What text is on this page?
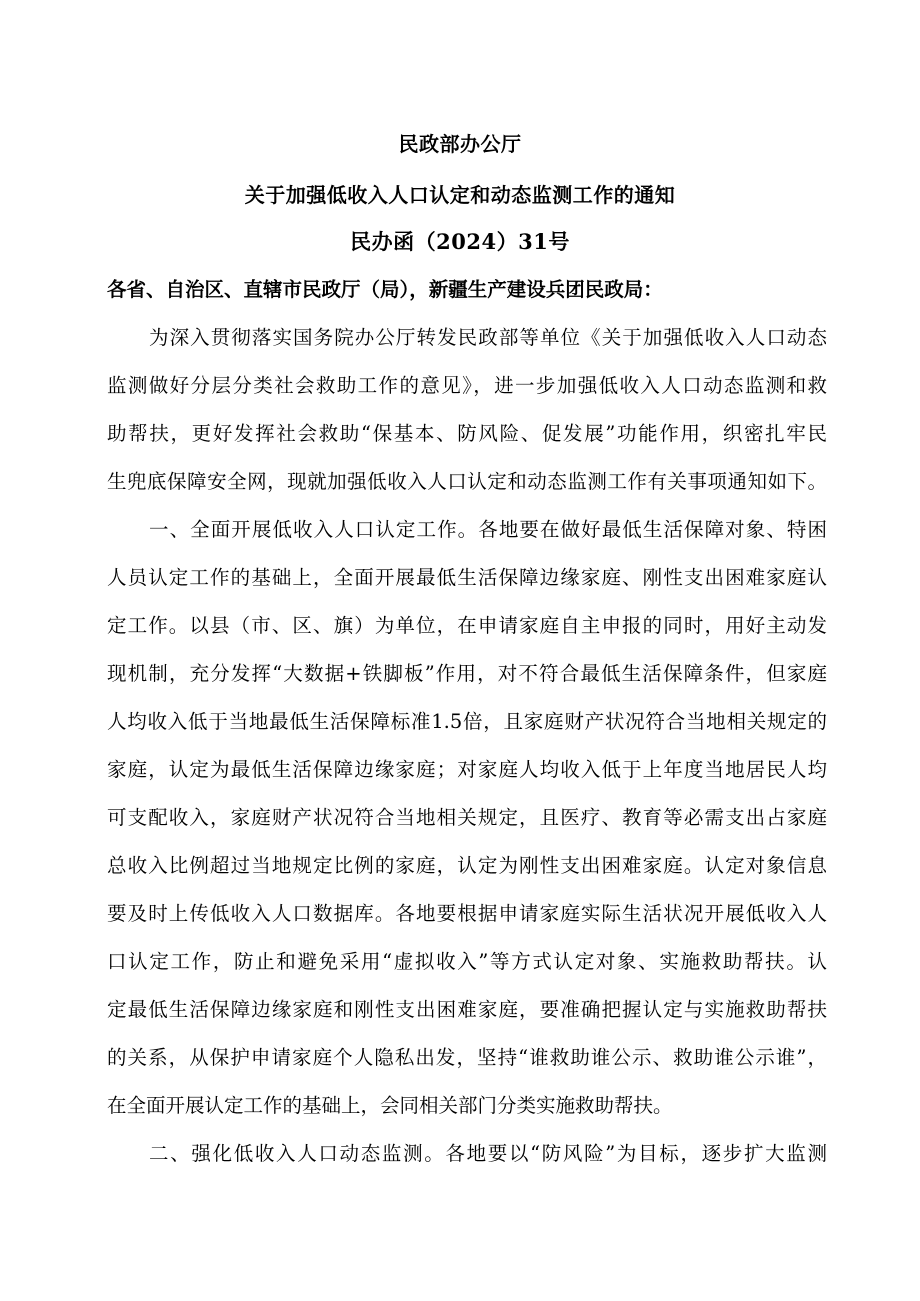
民政部办公厅
关于加强低收入人口认定和动态监测工作的通知
民办函（2024）31号
各省、自治区、直辖市民政厅（局），新疆生产建设兵团民政局：
为深入贯彻落实国务院办公厅转发民政部等单位《关于加强低收入人口动态
监测做好分层分类社会救助工作的意见》，进一步加强低收入人口动态监测和救
助帮扶，更好发挥社会救助“保基本、防风险、促发展”功能作用，织密扎牢民
生兜底保障安全网，现就加强低收入人口认定和动态监测工作有关事项通知如下。
一、全面开展低收入人口认定工作。各地要在做好最低生活保障对象、特困
人员认定工作的基础上，全面开展最低生活保障边缘家庭、刚性支出困难家庭认
定工作。以县（市、区、旗）为单位，在申请家庭自主申报的同时，用好主动发
现机制，充分发挥“大数据+铁脚板”作用，对不符合最低生活保障条件，但家庭
人均收入低于当地最低生活保障标准1.5倍，且家庭财产状况符合当地相关规定的
家庭，认定为最低生活保障边缘家庭；对家庭人均收入低于上年度当地居民人均
可支配收入，家庭财产状况符合当地相关规定，且医疗、教育等必需支出占家庭
总收入比例超过当地规定比例的家庭，认定为刚性支出困难家庭。认定对象信息
要及时上传低收入人口数据库。各地要根据申请家庭实际生活状况开展低收入人
口认定工作，防止和避免采用“虚拟收入”等方式认定对象、实施救助帮扶。认
定最低生活保障边缘家庭和刚性支出困难家庭，要准确把握认定与实施救助帮扶
的关系，从保护申请家庭个人隐私出发，坚持“谁救助谁公示、救助谁公示谁”，
在全面开展认定工作的基础上，会同相关部门分类实施救助帮扶。
二、强化低收入人口动态监测。各地要以“防风险”为目标，逐步扩大监测
